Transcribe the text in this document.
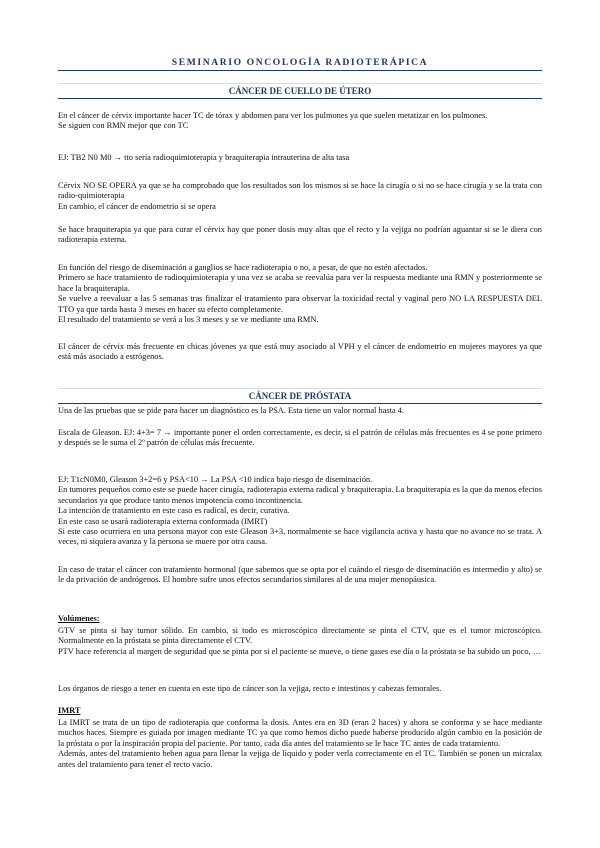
SEMINARIO ONCOLOGÍA RADIOTERÁPICA
CÁNCER DE CUELLO DE ÚTERO
En el cáncer de cérvix importante hacer TC de tórax y abdomen para ver los pulmones ya que suelen metatizar en los pulmones.
Se siguen con RMN mejor que con TC
EJ: TB2 N0 M0 → tto sería radioquimioterapia y braquiterapia intrauterina de alta tasa
Cérvix NO SE OPERA ya que se ha comprobado que los resultados son los mismos si se hace la cirugía o si no se hace cirugía y se la trata con radio-quimioterapia
En cambio, el cáncer de endometrio si se opera
Se hace braquiterapia ya que para curar el cérvix hay que poner dosis muy altas que el recto y la vejiga no podrían aguantar si se le diera con radioterapia externa.
En función del riesgo de diseminación a ganglios se hace radioterapia o no, a pesar, de que no estén afectados.
Primero se hace tratamiento de radioquimioterapia y una vez se acaba se reevalúa para ver la respuesta mediante una RMN y posteriormente se hace la braquiterapia.
Se vuelve a reevaluar a las 5 semanas tras finalizar el tratamiento para observar la toxicidad rectal y vaginal pero NO LA RESPUESTA DEL TTO ya que tarda hasta 3 meses en hacer su efecto completamente.
El resultado del tratamiento se verá a los 3 meses y se ve mediante una RMN.
El cáncer de cérvix más frecuente en chicas jóvenes ya que está muy asociado al VPH y el cáncer de endometrio en mujeres mayores ya que está más asociado a estrógenos.
CÁNCER DE PRÓSTATA
Una de las pruebas que se pide para hacer un diagnóstico es la PSA. Esta tiene un valor normal hasta 4.
Escala de Gleason. EJ: 4+3= 7 → importante poner el orden correctamente, es decir, si el patrón de células más frecuentes es 4 se pone primero y después se le suma el 2º patrón de células más frecuente.
EJ: T1cN0M0, Gleason 3+2=6 y PSA<10 → La PSA <10 indica bajo riesgo de diseminación.
En tumores pequeños como este se puede hacer cirugía, radioterapia externa radical y braquiterapia. La braquiterapia es la que da menos efectos secundarios ya que produce tanto menos impotencia como incontinencia.
La intención de tratamiento en este caso es radical, es decir, curativa.
En este caso se usará radioterapia externa conformada (IMRT)
Si este caso ocurriera en una persona mayor con este Gleason 3+3, normalmente se hace vigilancia activa y hasta que no avance no se trata. A veces, ni siquiera avanza y la persona se muere por otra causa.
En caso de tratar el cáncer con tratamiento hormonal (que sabemos que se opta por el cuándo el riesgo de diseminación es intermedio y alto) se le da privación de andrógenos. El hombre sufre unos efectos secundarios similares al de una mujer menopáusica.
Volúmenes:
GTV se pinta si hay tumor sólido. En cambio, si todo es microscópico directamente se pinta el CTV, que es el tumor microscópico. Normalmente en la próstata se pinta directamente el CTV.
PTV hace referencia al margen de seguridad que se pinta por si el paciente se mueve, o tiene gases ese día o la próstata se ha subido un poco, …
Los órganos de riesgo a tener en cuenta en este tipo de cáncer son la vejiga, recto e intestinos y cabezas femorales.
IMRT
La IMRT se trata de un tipo de radioterapia que conforma la dosis. Antes era en 3D (eran 2 haces) y ahora se conforma y se hace mediante muchos haces. Siempre es guiada por imagen mediante TC ya que como hemos dicho puede haberse producido algún cambio en la posición de la próstata o por la inspiración propia del paciente. Por tanto, cada día antes del tratamiento se le hace TC antes de cada tratamiento.
Además, antes del tratamiento beben agua para llenar la vejiga de líquido y poder verla correctamente en el TC. También se ponen un micralax antes del tratamiento para tener el recto vacío.
